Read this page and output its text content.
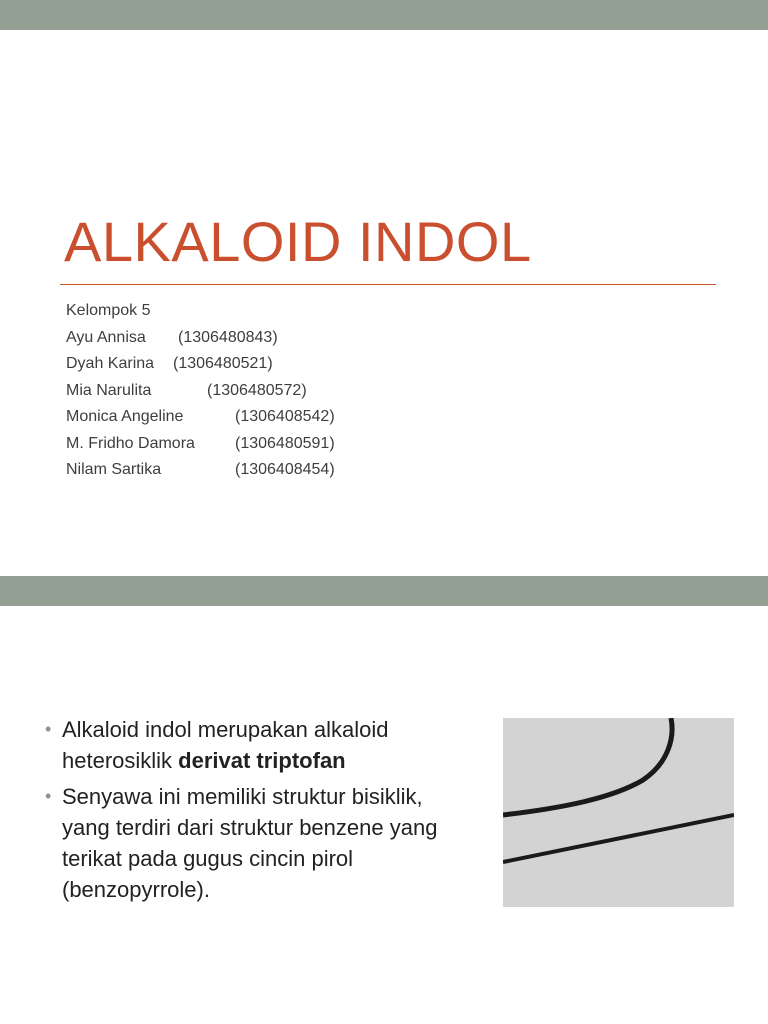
ALKALOID INDOL
Kelompok 5
Ayu Annisa (1306480843)
Dyah Karina (1306480521)
Mia Narulita	(1306480572)
Monica Angeline	(1306408542)
M. Fridho Damora	(1306480591)
Nilam Sartika	(1306408454)
• Alkaloid indol merupakan alkaloid heterosiklik derivat triptofan
• Senyawa ini memiliki struktur bisiklik, yang terdiri dari struktur benzene yang terikat pada gugus cincin pirol (benzopyrrole).
